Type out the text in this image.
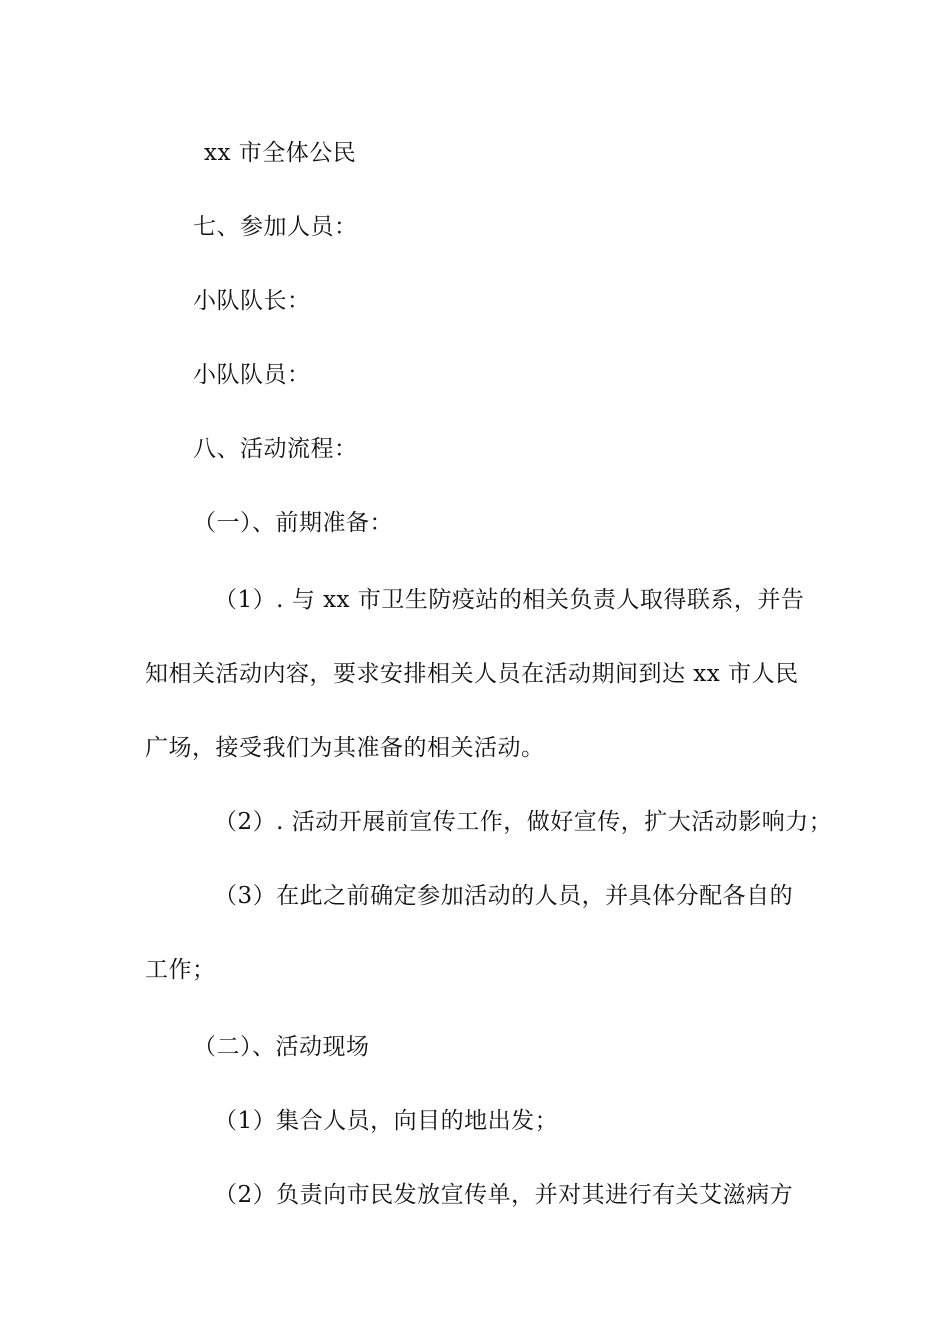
xx 市全体公民
七、参加人员：
小队队长：
小队队员：
八、活动流程：
（一）、前期准备：
（1）. 与 xx 市卫生防疫站的相关负责人取得联系，并告
知相关活动内容，要求安排相关人员在活动期间到达 xx 市人民
广场，接受我们为其准备的相关活动。
（2）. 活动开展前宣传工作，做好宣传，扩大活动影响力；
（3）在此之前确定参加活动的人员，并具体分配各自的
工作；
（二）、活动现场
（1）集合人员，向目的地出发；
（2）负责向市民发放宣传单，并对其进行有关艾滋病方
